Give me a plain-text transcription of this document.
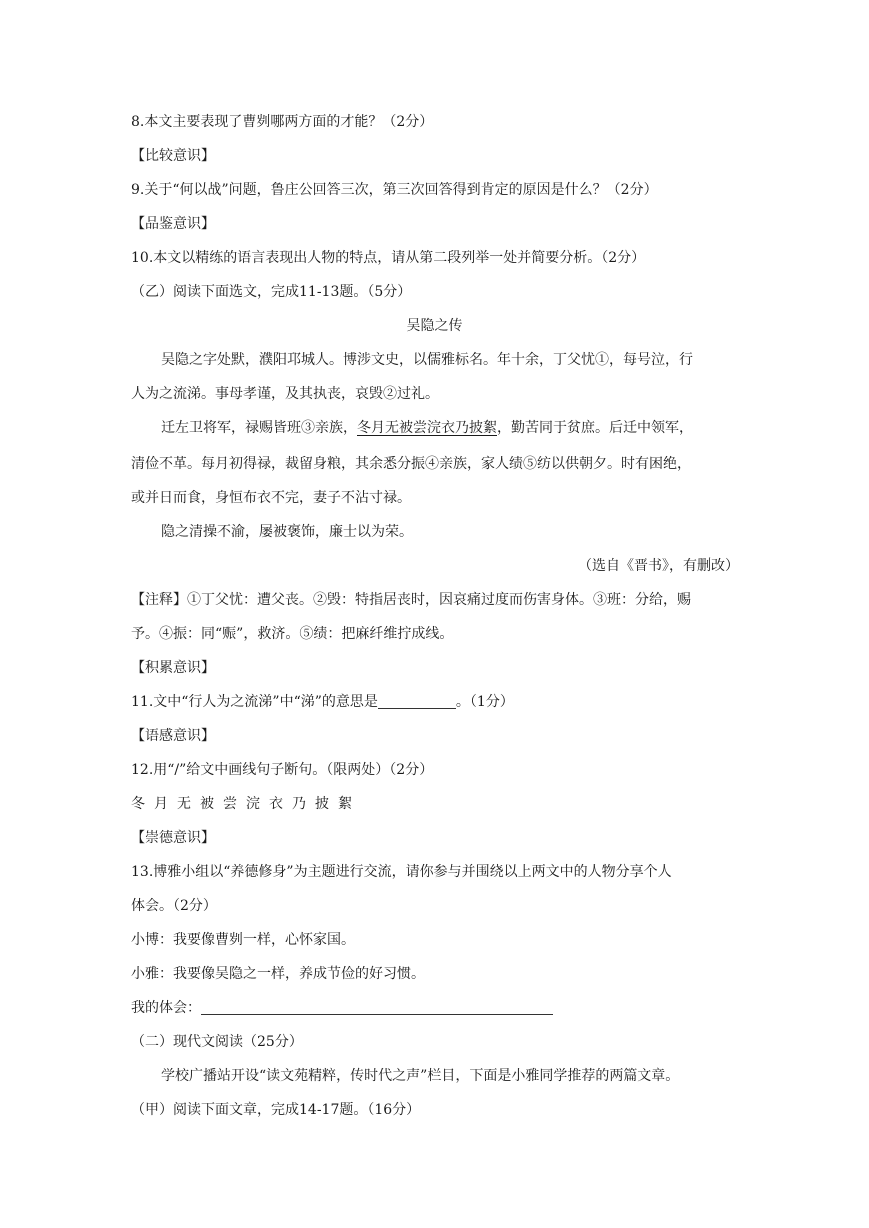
8.本文主要表现了曹刿哪两方面的才能？（2分）
【比较意识】
9.关于“何以战”问题，鲁庄公回答三次，第三次回答得到肯定的原因是什么？（2分）
【品鉴意识】
10.本文以精练的语言表现出人物的特点，请从第二段列举一处并简要分析。（2分）
（乙）阅读下面选文，完成11-13题。（5分）
吴隐之传
吴隐之字处默，濮阳邛城人。博涉文史，以儒雅标名。年十余，丁父忧①，每号泣，行
人为之流涕。事母孝谨，及其执丧，哀毁②过礼。
迁左卫将军，禄赐皆班③亲族，冬月无被尝浣衣乃披絮，勤苦同于贫庶。后迁中领军，
清俭不革。每月初得禄，裁留身粮，其余悉分振④亲族，家人绩⑤纺以供朝夕。时有困绝，
或并日而食，身恒布衣不完，妻子不沾寸禄。
隐之清操不渝，屡被褒饰，廉士以为荣。
（选自《晋书》，有删改）
【注释】①丁父忧：遭父丧。②毁：特指居丧时，因哀痛过度而伤害身体。③班：分给，赐
予。④振：同“赈”，救济。⑤绩：把麻纤维拧成线。
【积累意识】
11.文中“行人为之流涕”中“涕”的意思是	。（1分）
【语感意识】
12.用“/”给文中画线句子断句。（限两处）（2分）
冬月无被尝浣衣乃披絮
【崇德意识】
13.博雅小组以“养德修身”为主题进行交流，请你参与并围绕以上两文中的人物分享个人
体会。（2分）
小博：我要像曹刿一样，心怀家国。
小雅：我要像吴隐之一样，养成节俭的好习惯。
我的体会：
（二）现代文阅读（25分）
学校广播站开设“读文苑精粹，传时代之声”栏目，下面是小雅同学推荐的两篇文章。
（甲）阅读下面文章，完成14-17题。（16分）
